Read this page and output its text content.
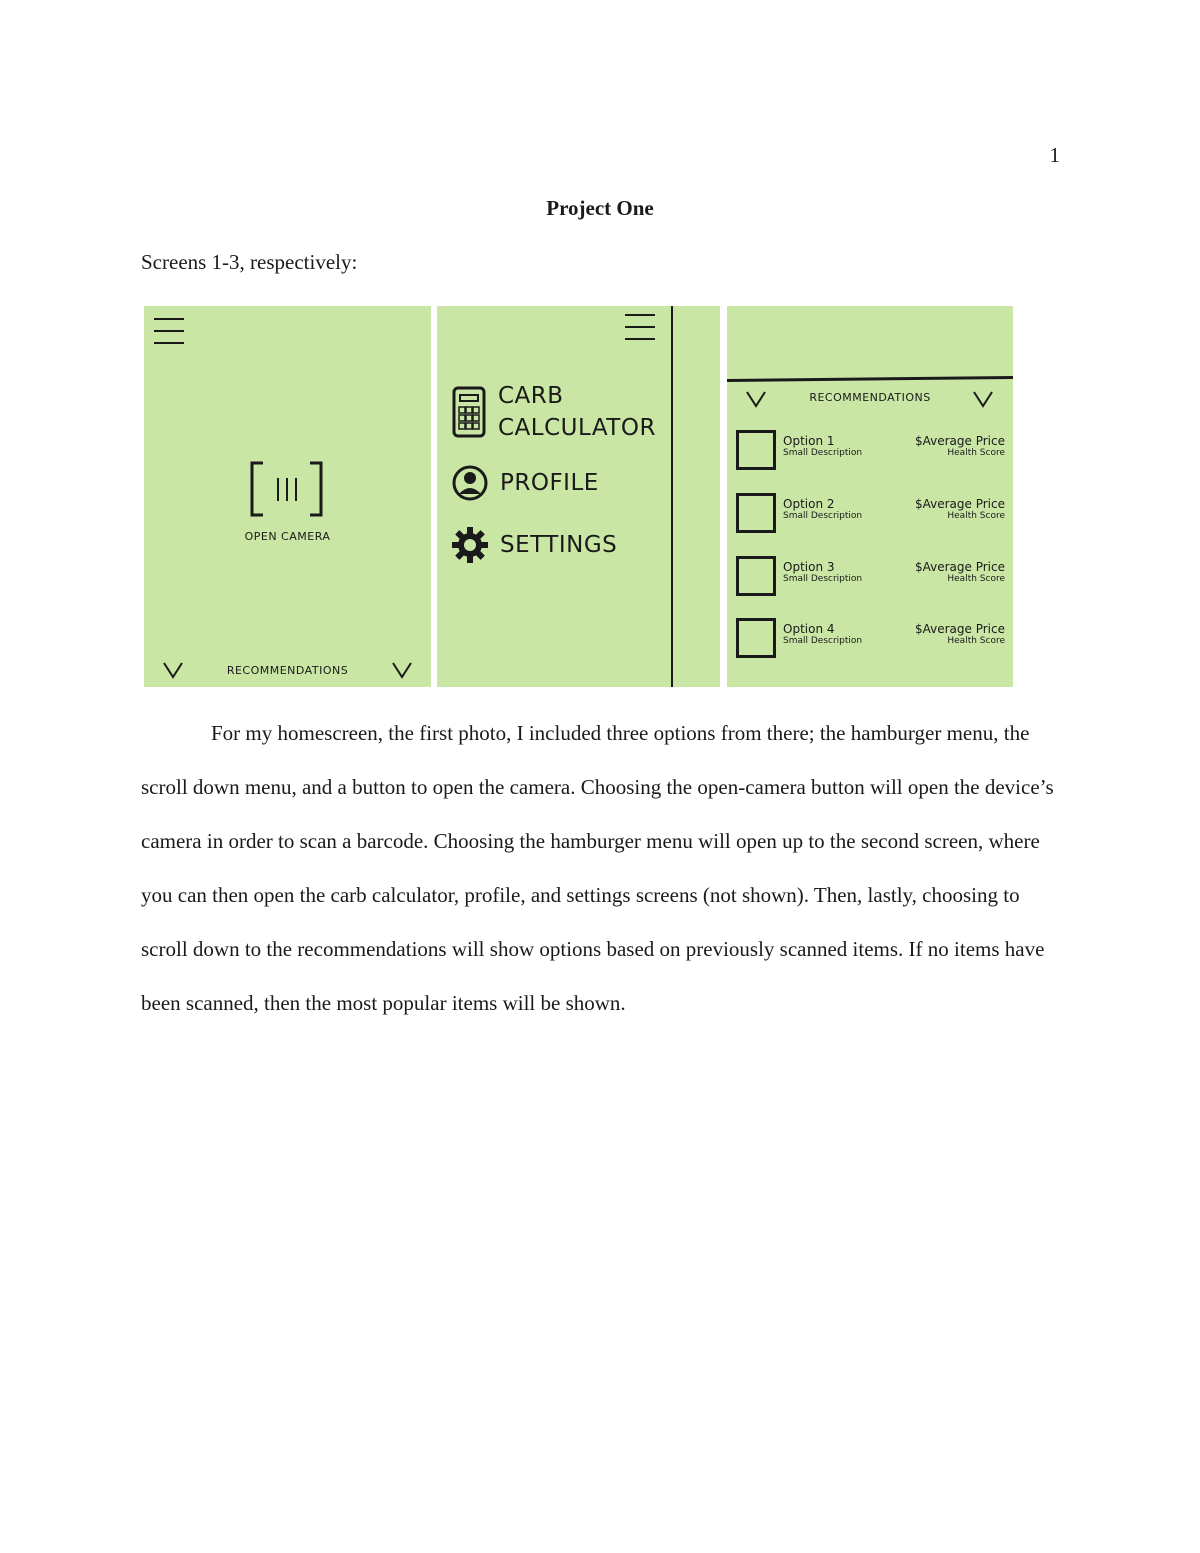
1
Project One
Screens 1-3, respectively:
OPEN CAMERA
RECOMMENDATIONS
CARB
CALCULATOR
PROFILE
SETTINGS
RECOMMENDATIONS
Option 1
Small Description
$Average Price
Health Score
Option 2
Small Description
$Average Price
Health Score
Option 3
Small Description
$Average Price
Health Score
Option 4
Small Description
$Average Price
Health Score

For my homescreen, the first photo, I included three options from there; the hamburger menu, the scroll down menu, and a button to open the camera. Choosing the open-camera button will open the device’s camera in order to scan a barcode. Choosing the hamburger menu will open up to the second screen, where you can then open the carb calculator, profile, and settings screens (not shown). Then, lastly, choosing to scroll down to the recommendations will show options based on previously scanned items. If no items have been scanned, then the most popular items will be shown.
